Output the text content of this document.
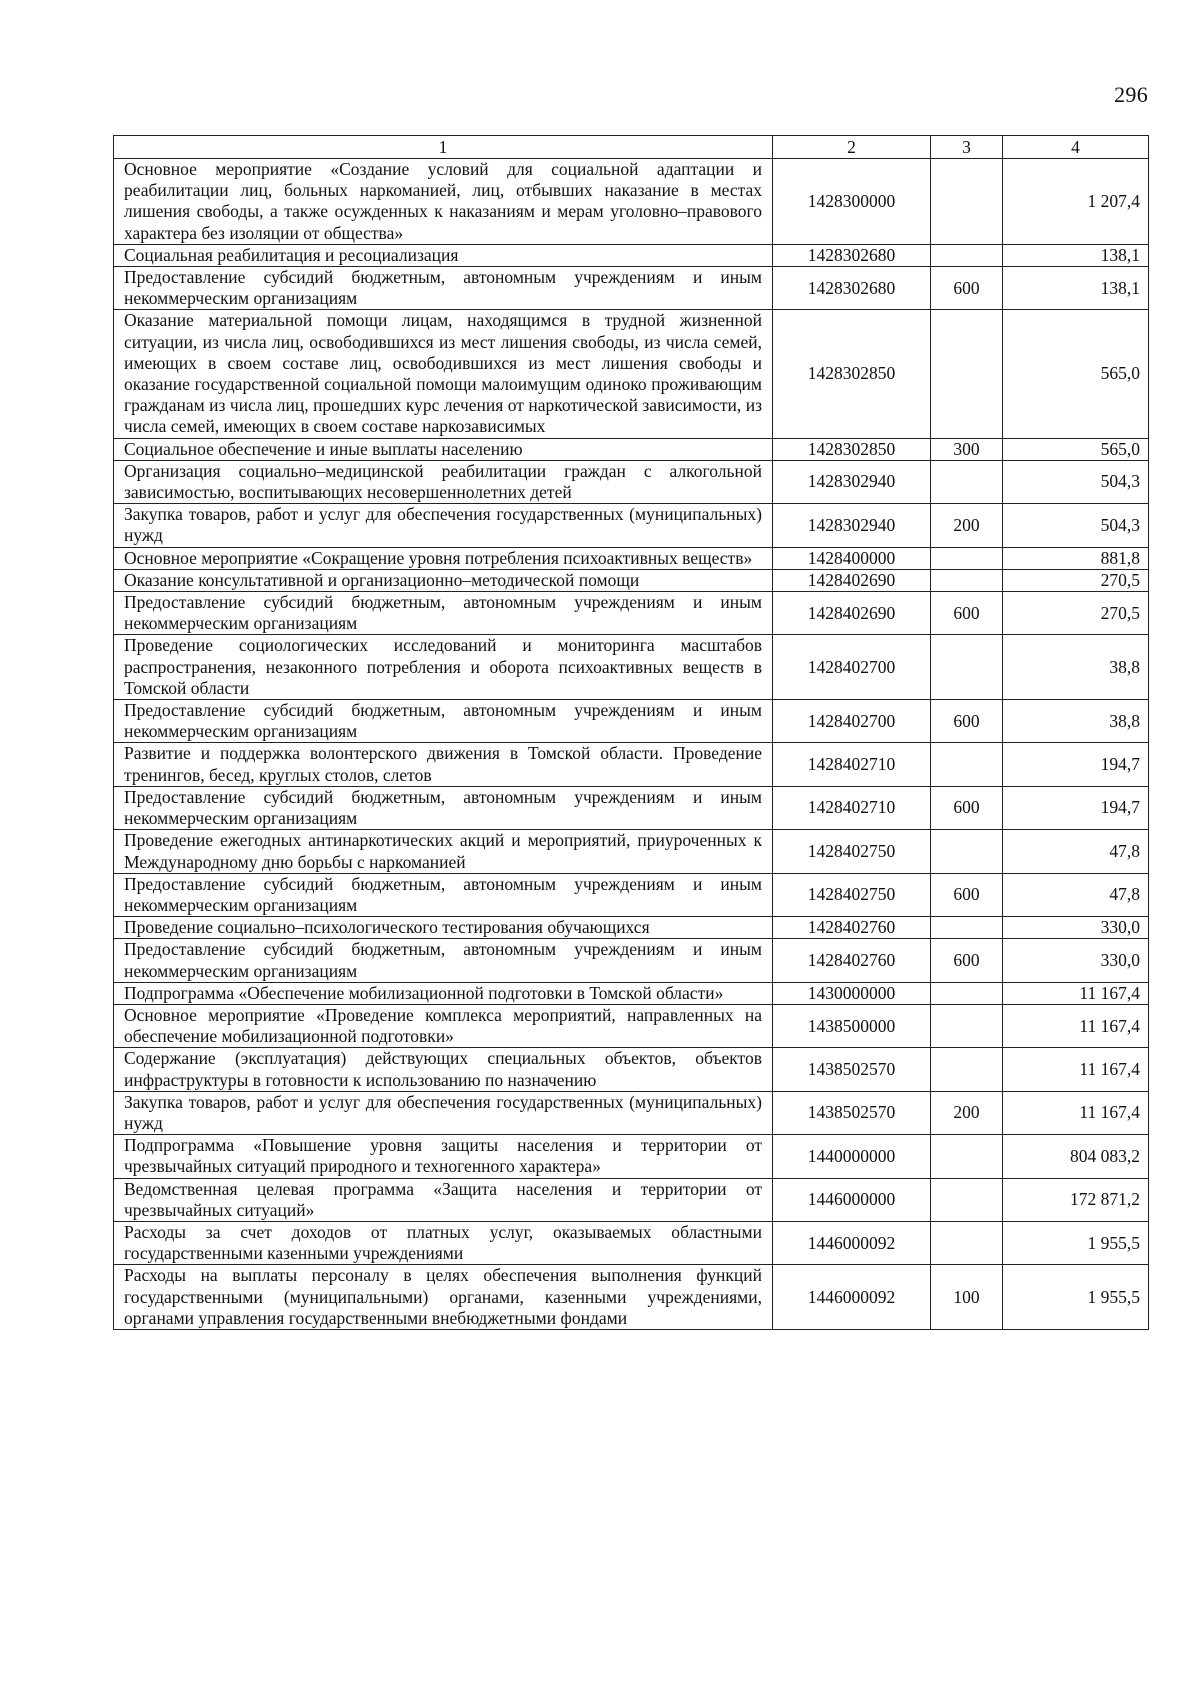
296
1	2	3	4
Основное мероприятие «Создание условий для социальной адаптации и реабилитации лиц, больных наркоманией, лиц, отбывших наказание в местах лишения свободы, а также осужденных к наказаниям и мерам уголовно–правового характера без изоляции от общества»	1428300000		1 207,4
Социальная реабилитация и ресоциализация	1428302680		138,1
Предоставление субсидий бюджетным, автономным учреждениям и иным некоммерческим организациям	1428302680	600	138,1
Оказание материальной помощи лицам, находящимся в трудной жизненной ситуации, из числа лиц, освободившихся из мест лишения свободы, из числа семей, имеющих в своем составе лиц, освободившихся из мест лишения свободы и оказание государственной социальной помощи малоимущим одиноко проживающим гражданам из числа лиц, прошедших курс лечения от наркотической зависимости, из числа семей, имеющих в своем составе наркозависимых	1428302850		565,0
Социальное обеспечение и иные выплаты населению	1428302850	300	565,0
Организация социально–медицинской реабилитации граждан с алкогольной зависимостью, воспитывающих несовершеннолетних детей	1428302940		504,3
Закупка товаров, работ и услуг для обеспечения государственных (муниципальных) нужд	1428302940	200	504,3
Основное мероприятие «Сокращение уровня потребления психоактивных веществ»	1428400000		881,8
Оказание консультативной и организационно–методической помощи	1428402690		270,5
Предоставление субсидий бюджетным, автономным учреждениям и иным некоммерческим организациям	1428402690	600	270,5
Проведение социологических исследований и мониторинга масштабов распространения, незаконного потребления и оборота психоактивных веществ в Томской области	1428402700		38,8
Предоставление субсидий бюджетным, автономным учреждениям и иным некоммерческим организациям	1428402700	600	38,8
Развитие и поддержка волонтерского движения в Томской области. Проведение тренингов, бесед, круглых столов, слетов	1428402710		194,7
Предоставление субсидий бюджетным, автономным учреждениям и иным некоммерческим организациям	1428402710	600	194,7
Проведение ежегодных антинаркотических акций и мероприятий, приуроченных к Международному дню борьбы с наркоманией	1428402750		47,8
Предоставление субсидий бюджетным, автономным учреждениям и иным некоммерческим организациям	1428402750	600	47,8
Проведение социально–психологического тестирования обучающихся	1428402760		330,0
Предоставление субсидий бюджетным, автономным учреждениям и иным некоммерческим организациям	1428402760	600	330,0
Подпрограмма «Обеспечение мобилизационной подготовки в Томской области»	1430000000		11 167,4
Основное мероприятие «Проведение комплекса мероприятий, направленных на обеспечение мобилизационной подготовки»	1438500000		11 167,4
Содержание (эксплуатация) действующих специальных объектов, объектов инфраструктуры в готовности к использованию по назначению	1438502570		11 167,4
Закупка товаров, работ и услуг для обеспечения государственных (муниципальных) нужд	1438502570	200	11 167,4
Подпрограмма «Повышение уровня защиты населения и территории от чрезвычайных ситуаций природного и техногенного характера»	1440000000		804 083,2
Ведомственная целевая программа «Защита населения и территории от чрезвычайных ситуаций»	1446000000		172 871,2
Расходы за счет доходов от платных услуг, оказываемых областными государственными казенными учреждениями	1446000092		1 955,5
Расходы на выплаты персоналу в целях обеспечения выполнения функций государственными (муниципальными) органами, казенными учреждениями, органами управления государственными внебюджетными фондами	1446000092	100	1 955,5
